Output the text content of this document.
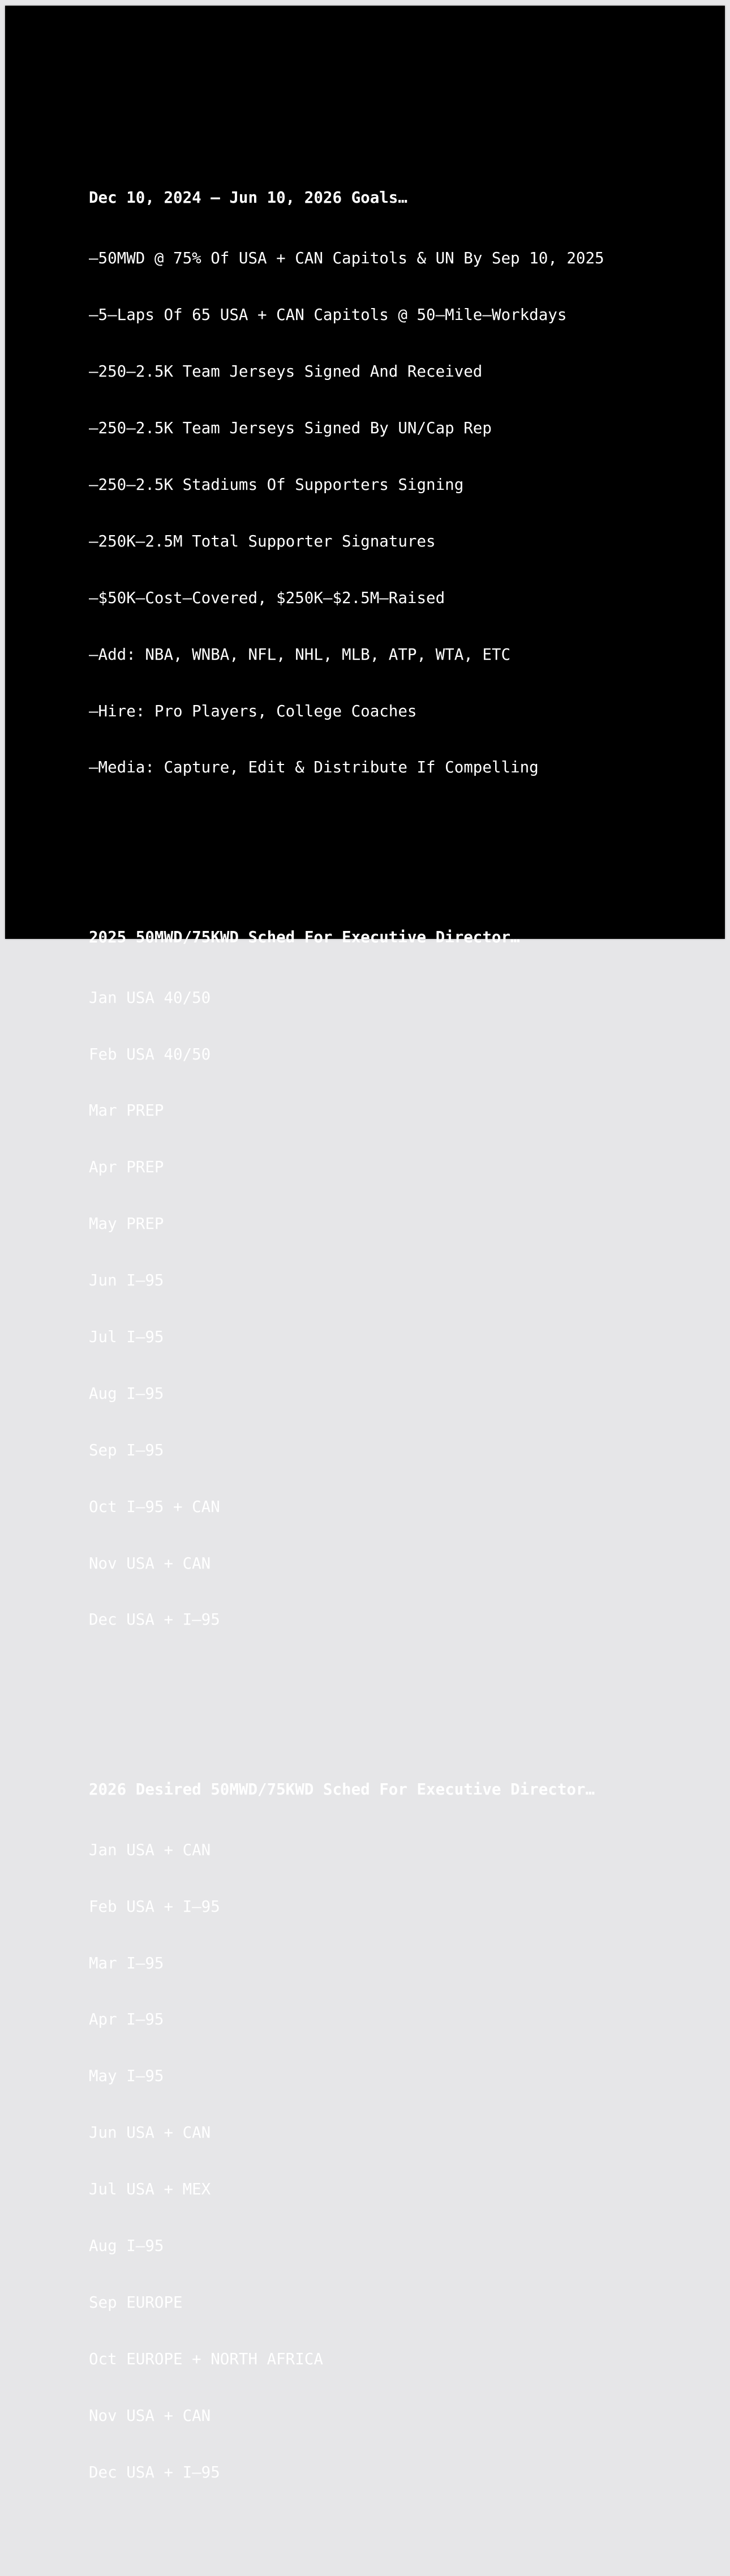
Dec 10, 2024 – Jun 10, 2026 Goals…

–50MWD @ 75% Of USA + CAN Capitols & UN By Sep 10, 2025

–5–Laps Of 65 USA + CAN Capitols @ 50–Mile–Workdays

–250–2.5K Team Jerseys Signed And Received

–250–2.5K Team Jerseys Signed By UN/Cap Rep

–250–2.5K Stadiums Of Supporters Signing

–250K–2.5M Total Supporter Signatures

–$50K–Cost–Covered, $250K–$2.5M–Raised

–Add: NBA, WNBA, NFL, NHL, MLB, ATP, WTA, ETC

–Hire: Pro Players, College Coaches

–Media: Capture, Edit & Distribute If Compelling

2025 50MWD/75KWD Sched For Executive Director…

Jan USA 40/50

Feb USA 40/50

Mar PREP

Apr PREP

May PREP

Jun I–95

Jul I–95

Aug I–95

Sep I–95

Oct I–95 + CAN

Nov USA + CAN

Dec USA + I–95

2026 Desired 50MWD/75KWD Sched For Executive Director…

Jan USA + CAN

Feb USA + I–95

Mar I–95

Apr I–95

May I–95

Jun USA + CAN

Jul USA + MEX

Aug I–95

Sep EUROPE

Oct EUROPE + NORTH AFRICA

Nov USA + CAN

Dec USA + I–95
